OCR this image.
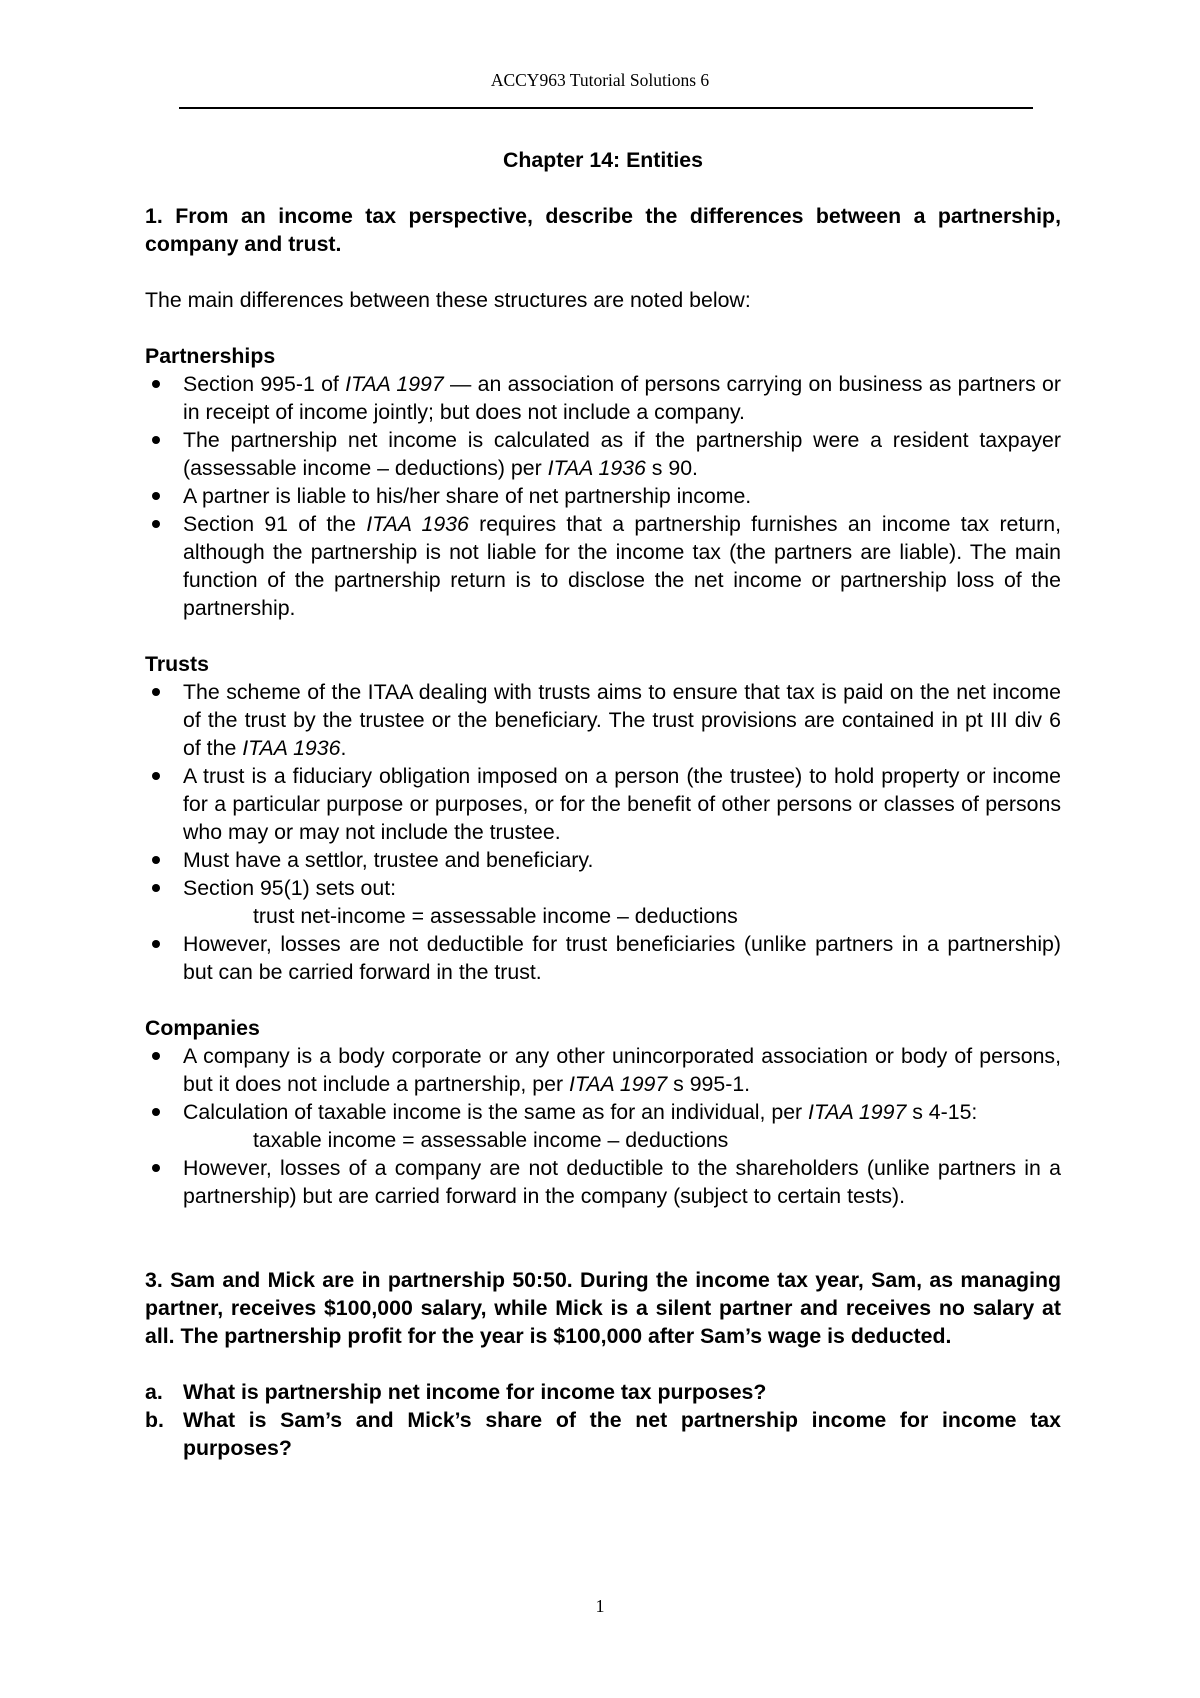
ACCY963 Tutorial Solutions 6

Chapter 14: Entities

1. From an income tax perspective, describe the differences between a partnership, company and trust.

The main differences between these structures are noted below:

Partnerships

Section 995-1 of ITAA 1997 — an association of persons carrying on business as partners or in receipt of income jointly; but does not include a company.
The partnership net income is calculated as if the partnership were a resident taxpayer (assessable income – deductions) per ITAA 1936 s 90.
A partner is liable to his/her share of net partnership income.
Section 91 of the ITAA 1936 requires that a partnership furnishes an income tax return, although the partnership is not liable for the income tax (the partners are liable). The main function of the partnership return is to disclose the net income or partnership loss of the partnership.

Trusts

The scheme of the ITAA dealing with trusts aims to ensure that tax is paid on the net income of the trust by the trustee or the beneficiary. The trust provisions are contained in pt III div 6 of the ITAA 1936.
A trust is a fiduciary obligation imposed on a person (the trustee) to hold property or income for a particular purpose or purposes, or for the benefit of other persons or classes of persons who may or may not include the trustee.
Must have a settlor, trustee and beneficiary.
Section 95(1) sets out:
trust net-income = assessable income – deductions
However, losses are not deductible for trust beneficiaries (unlike partners in a partnership) but can be carried forward in the trust.

Companies

A company is a body corporate or any other unincorporated association or body of persons, but it does not include a partnership, per ITAA 1997 s 995-1.
Calculation of taxable income is the same as for an individual, per ITAA 1997 s 4-15:
taxable income = assessable income – deductions
However, losses of a company are not deductible to the shareholders (unlike partners in a partnership) but are carried forward in the company (subject to certain tests).

3. Sam and Mick are in partnership 50:50. During the income tax year, Sam, as managing partner, receives $100,000 salary, while Mick is a silent partner and receives no salary at all. The partnership profit for the year is $100,000 after Sam’s wage is deducted.

a. What is partnership net income for income tax purposes?

b. What is Sam’s and Mick’s share of the net partnership income for income tax purposes?

1
